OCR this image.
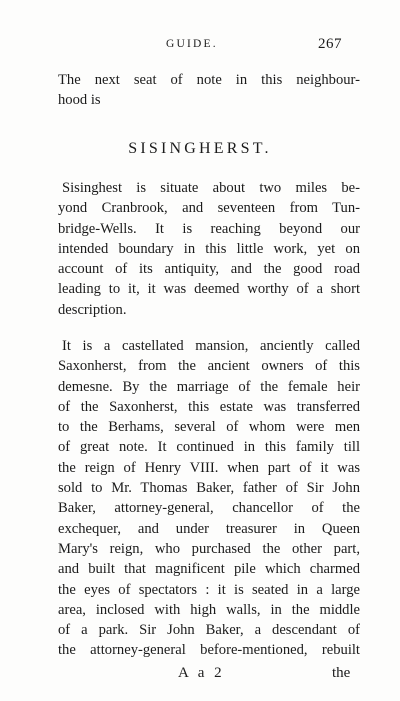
GUIDE.	267
The next seat of note in this neighbour-
hood is
SISINGHERST.
Sisinghest is situate about two miles be-
yond Cranbrook, and seventeen from Tun-
bridge-Wells. It is reaching beyond our
intended boundary in this little work, yet on
account of its antiquity, and the good road
leading to it, it was deemed worthy of a short
description.
It is a castellated mansion, anciently called
Saxonherst, from the ancient owners of this
demesne. By the marriage of the female heir
of the Saxonherst, this estate was transferred
to the Berhams, several of whom were men
of great note. It continued in this family till
the reign of Henry VIII. when part of it was
sold to Mr. Thomas Baker, father of Sir John
Baker, attorney-general, chancellor of the
exchequer, and under treasurer in Queen
Mary's reign, who purchased the other part,
and built that magnificent pile which charmed
the eyes of spectators : it is seated in a large
area, inclosed with high walls, in the middle
of a park. Sir John Baker, a descendant of
the attorney-general before-mentioned, rebuilt
A a 2	the
